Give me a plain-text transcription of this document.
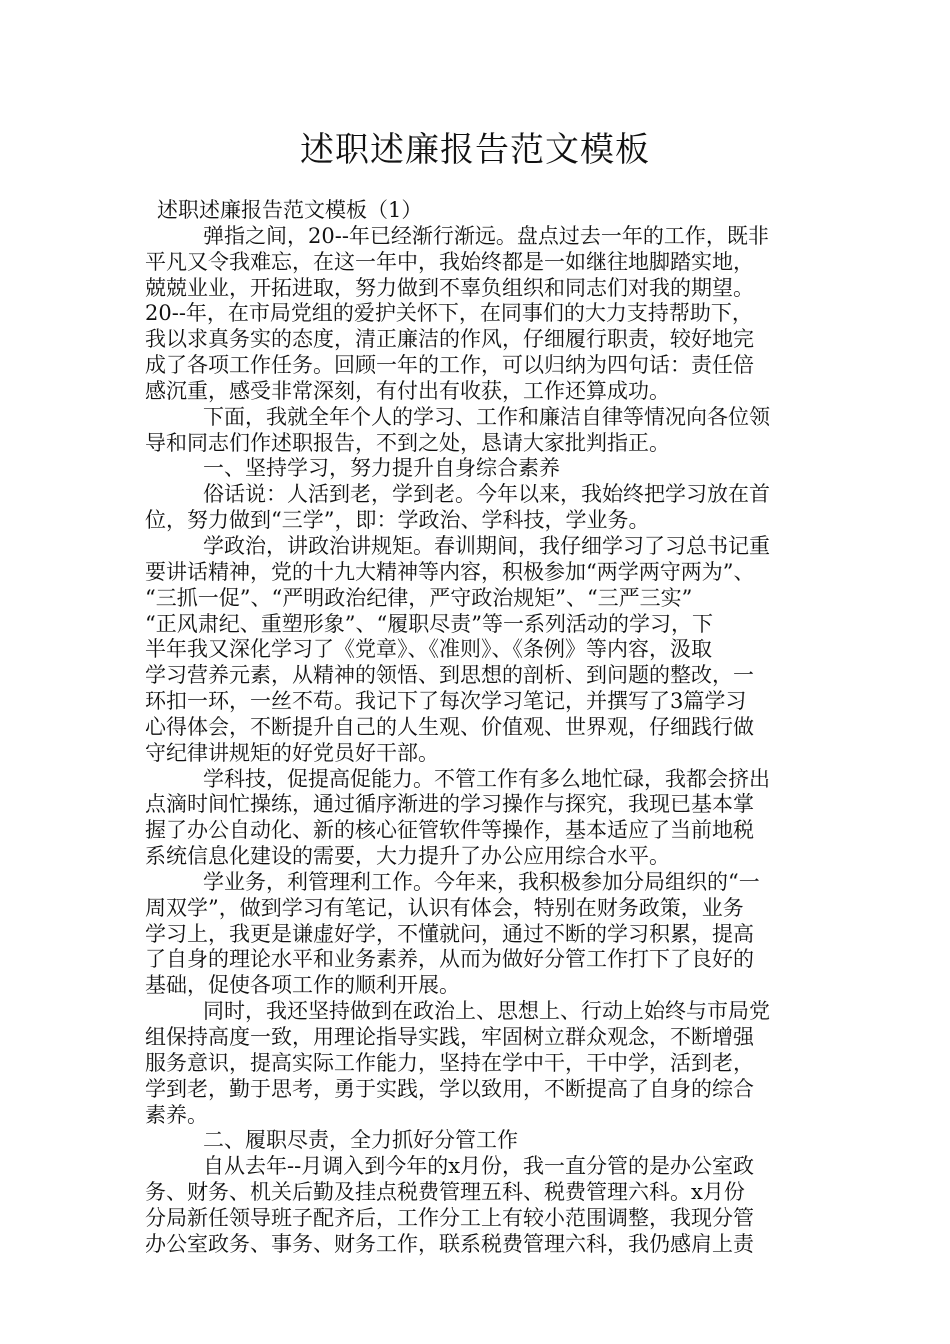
述职述廉报告范文模板
述职述廉报告范文模板（1）
弹指之间，20--年已经渐行渐远。盘点过去一年的工作，既非
平凡又令我难忘，在这一年中，我始终都是一如继往地脚踏实地，
兢兢业业，开拓进取，努力做到不辜负组织和同志们对我的期望。
20--年，在市局党组的爱护关怀下，在同事们的大力支持帮助下，
我以求真务实的态度，清正廉洁的作风，仔细履行职责，较好地完
成了各项工作任务。回顾一年的工作，可以归纳为四句话：责任倍
感沉重，感受非常深刻，有付出有收获，工作还算成功。
下面，我就全年个人的学习、工作和廉洁自律等情况向各位领
导和同志们作述职报告，不到之处，恳请大家批判指正。
一、坚持学习，努力提升自身综合素养
俗话说：人活到老，学到老。今年以来，我始终把学习放在首
位，努力做到“三学”，即：学政治、学科技，学业务。
学政治，讲政治讲规矩。春训期间，我仔细学习了习总书记重
要讲话精神，党的十九大精神等内容，积极参加“两学两守两为”、
“三抓一促”、“严明政治纪律，严守政治规矩”、“三严三实”
“正风肃纪、重塑形象”、“履职尽责”等一系列活动的学习，下
半年我又深化学习了《党章》、《准则》、《条例》等内容，汲取
学习营养元素，从精神的领悟、到思想的剖析、到问题的整改，一
环扣一环，一丝不苟。我记下了每次学习笔记，并撰写了3篇学习
心得体会，不断提升自己的人生观、价值观、世界观，仔细践行做
守纪律讲规矩的好党员好干部。
学科技，促提高促能力。不管工作有多么地忙碌，我都会挤出
点滴时间忙操练，通过循序渐进的学习操作与探究，我现已基本掌
握了办公自动化、新的核心征管软件等操作，基本适应了当前地税
系统信息化建设的需要，大力提升了办公应用综合水平。
学业务，利管理利工作。今年来，我积极参加分局组织的“一
周双学”，做到学习有笔记，认识有体会，特别在财务政策，业务
学习上，我更是谦虚好学，不懂就问，通过不断的学习积累，提高
了自身的理论水平和业务素养，从而为做好分管工作打下了良好的
基础，促使各项工作的顺利开展。
同时，我还坚持做到在政治上、思想上、行动上始终与市局党
组保持高度一致，用理论指导实践，牢固树立群众观念，不断增强
服务意识，提高实际工作能力，坚持在学中干，干中学，活到老，
学到老，勤于思考，勇于实践，学以致用，不断提高了自身的综合
素养。
二、履职尽责，全力抓好分管工作
自从去年--月调入到今年的x月份，我一直分管的是办公室政
务、财务、机关后勤及挂点税费管理五科、税费管理六科。x月份
分局新任领导班子配齐后，工作分工上有较小范围调整，我现分管
办公室政务、事务、财务工作，联系税费管理六科，我仍感肩上责
